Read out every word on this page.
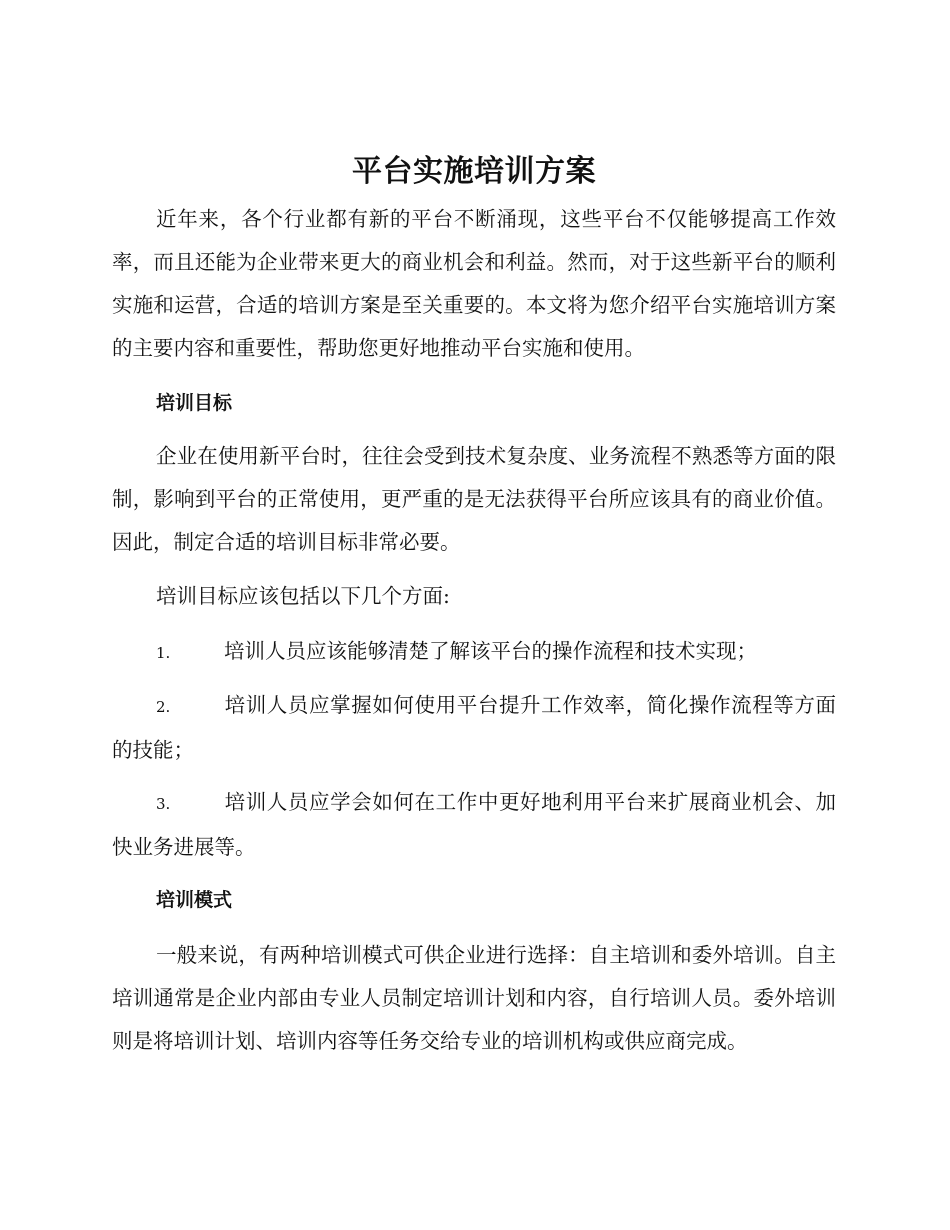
平台实施培训方案

近年来，各个行业都有新的平台不断涌现，这些平台不仅能够提高工作效率，而且还能为企业带来更大的商业机会和利益。然而，对于这些新平台的顺利实施和运营，合适的培训方案是至关重要的。本文将为您介绍平台实施培训方案的主要内容和重要性，帮助您更好地推动平台实施和使用。

培训目标

企业在使用新平台时，往往会受到技术复杂度、业务流程不熟悉等方面的限制，影响到平台的正常使用，更严重的是无法获得平台所应该具有的商业价值。因此，制定合适的培训目标非常必要。

培训目标应该包括以下几个方面:

1.	培训人员应该能够清楚了解该平台的操作流程和技术实现；

2.	培训人员应掌握如何使用平台提升工作效率，简化操作流程等方面的技能；

3.	培训人员应学会如何在工作中更好地利用平台来扩展商业机会、加快业务进展等。

培训模式

一般来说，有两种培训模式可供企业进行选择：自主培训和委外培训。自主培训通常是企业内部由专业人员制定培训计划和内容，自行培训人员。委外培训则是将培训计划、培训内容等任务交给专业的培训机构或供应商完成。
